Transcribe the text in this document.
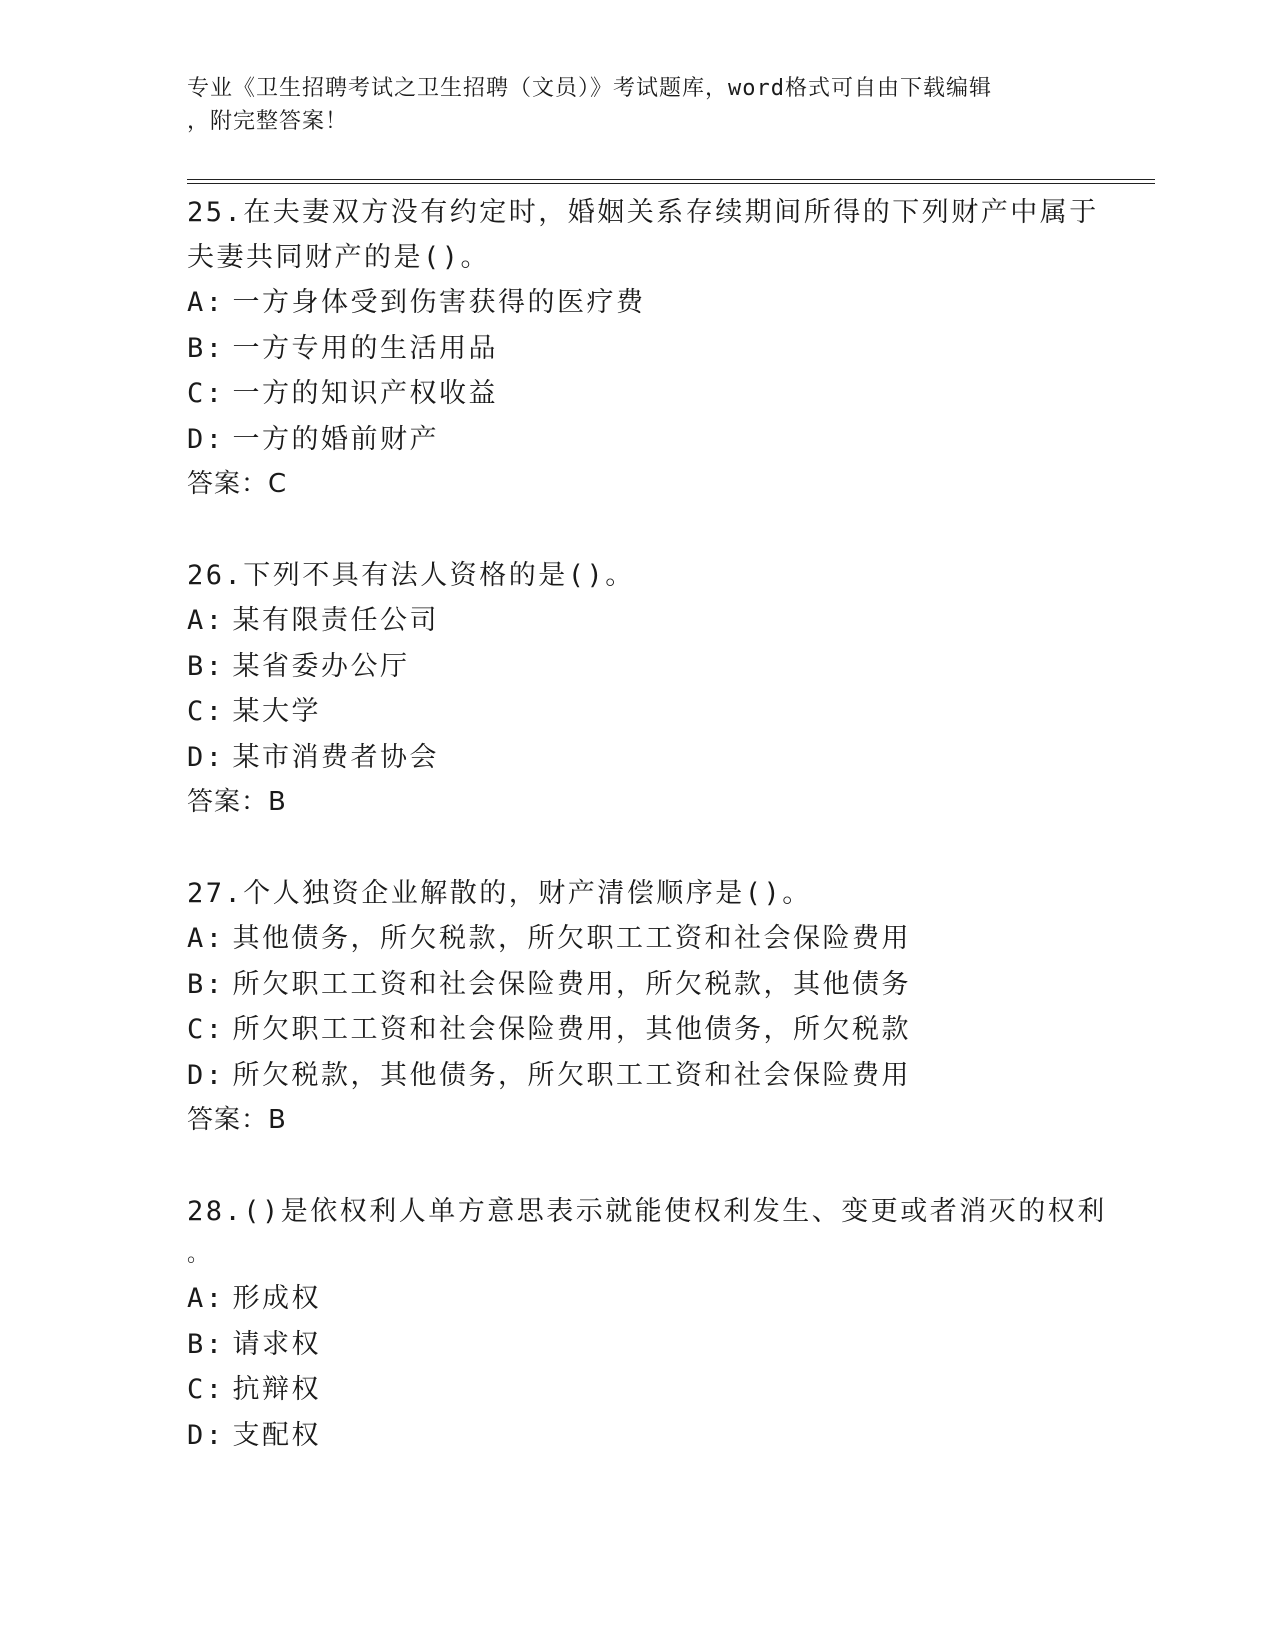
专业《卫生招聘考试之卫生招聘（文员）》考试题库，word格式可自由下载编辑
，附完整答案！
25.在夫妻双方没有约定时，婚姻关系存续期间所得的下列财产中属于
夫妻共同财产的是()。
A: 一方身体受到伤害获得的医疗费
B: 一方专用的生活用品
C: 一方的知识产权收益
D: 一方的婚前财产
答案：C
26.下列不具有法人资格的是()。
A: 某有限责任公司
B: 某省委办公厅
C: 某大学
D: 某市消费者协会
答案：B
27.个人独资企业解散的，财产清偿顺序是()。
A: 其他债务，所欠税款，所欠职工工资和社会保险费用
B: 所欠职工工资和社会保险费用，所欠税款，其他债务
C: 所欠职工工资和社会保险费用，其他债务，所欠税款
D: 所欠税款，其他债务，所欠职工工资和社会保险费用
答案：B
28.()是依权利人单方意思表示就能使权利发生、变更或者消灭的权利
。
A: 形成权
B: 请求权
C: 抗辩权
D: 支配权
